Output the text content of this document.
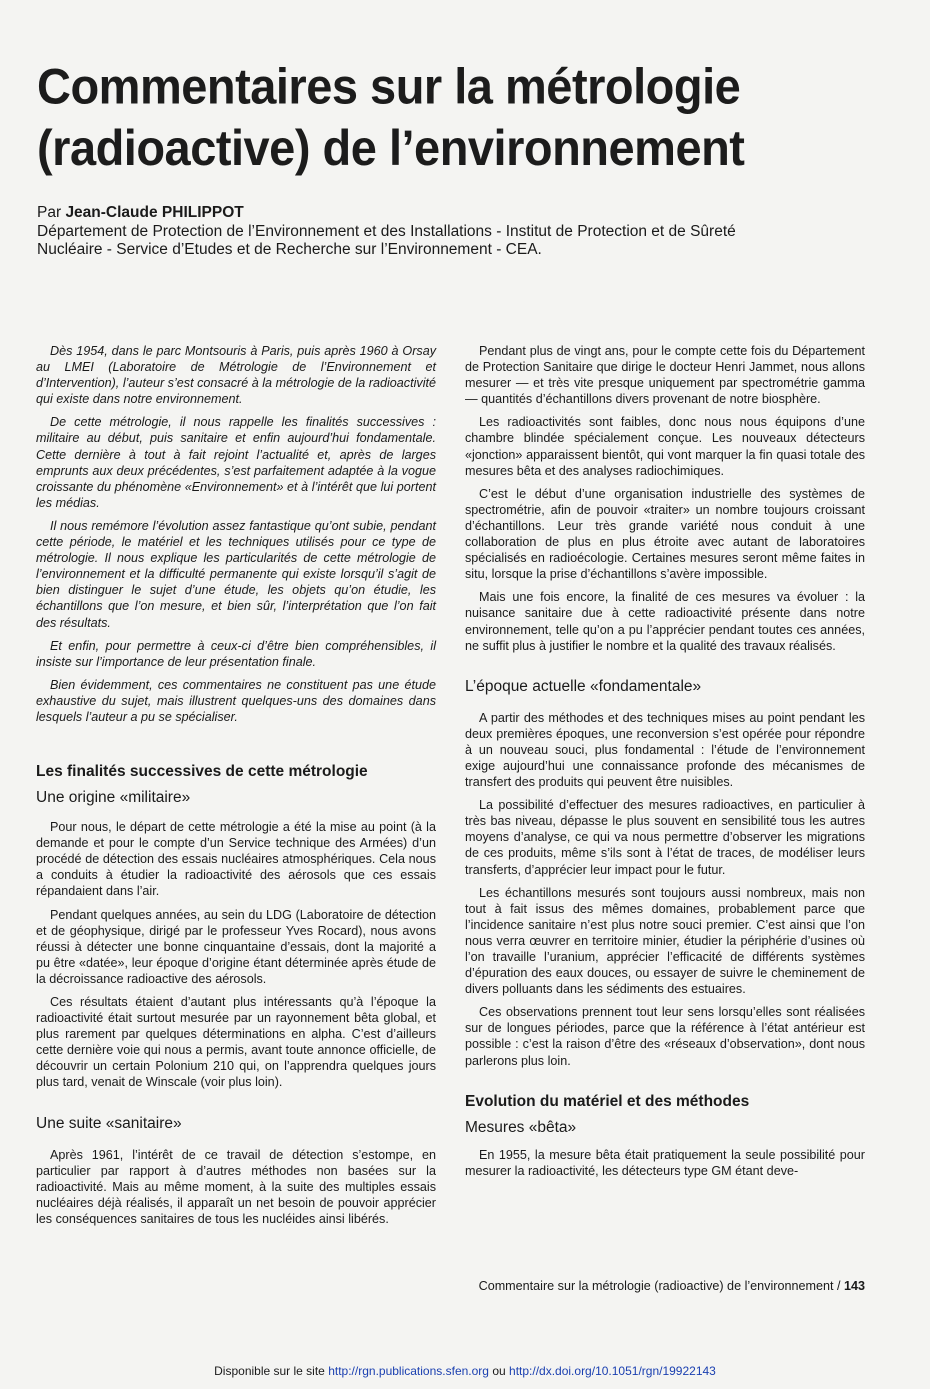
Commentaires sur la métrologie (radioactive) de l’environnement
Par Jean-Claude PHILIPPOT
Département de Protection de l’Environnement et des Installations - Institut de Protection et de Sûreté Nucléaire - Service d’Etudes et de Recherche sur l’Environnement - CEA.

Dès 1954, dans le parc Montsouris à Paris, puis après 1960 à Orsay au LMEI (Laboratoire de Métrologie de l’Environnement et d’Intervention), l’auteur s’est consacré à la métrologie de la radioactivité qui existe dans notre environnement.

De cette métrologie, il nous rappelle les finalités successives : militaire au début, puis sanitaire et enfin aujourd’hui fondamentale. Cette dernière à tout à fait rejoint l’actualité et, après de larges emprunts aux deux précédentes, s’est parfaitement adaptée à la vogue croissante du phénomène «Environnement» et à l’intérêt que lui portent les médias.

Il nous remémore l’évolution assez fantastique qu’ont subie, pendant cette période, le matériel et les techniques utilisés pour ce type de métrologie. Il nous explique les particularités de cette métrologie de l’environnement et la difficulté permanente qui existe lorsqu’il s’agit de bien distinguer le sujet d’une étude, les objets qu’on étudie, les échantillons que l’on mesure, et bien sûr, l’interprétation que l’on fait des résultats.

Et enfin, pour permettre à ceux-ci d’être bien compréhensibles, il insiste sur l’importance de leur présentation finale.

Bien évidemment, ces commentaires ne constituent pas une étude exhaustive du sujet, mais illustrent quelques-uns des domaines dans lesquels l’auteur a pu se spécialiser.

Les finalités successives de cette métrologie
Une origine «militaire»

Pour nous, le départ de cette métrologie a été la mise au point (à la demande et pour le compte d’un Service technique des Armées) d’un procédé de détection des essais nucléaires atmosphériques. Cela nous a conduits à étudier la radioactivité des aérosols que ces essais répandaient dans l’air.

Pendant quelques années, au sein du LDG (Laboratoire de détection et de géophysique, dirigé par le professeur Yves Rocard), nous avons réussi à détecter une bonne cinquantaine d’essais, dont la majorité a pu être «datée», leur époque d’origine étant déterminée après étude de la décroissance radioactive des aérosols.

Ces résultats étaient d’autant plus intéressants qu’à l’époque la radioactivité était surtout mesurée par un rayonnement bêta global, et plus rarement par quelques déterminations en alpha. C’est d’ailleurs cette dernière voie qui nous a permis, avant toute annonce officielle, de découvrir un certain Polonium 210 qui, on l’apprendra quelques jours plus tard, venait de Winscale (voir plus loin).

Une suite «sanitaire»

Après 1961, l’intérêt de ce travail de détection s’estompe, en particulier par rapport à d’autres méthodes non basées sur la radioactivité. Mais au même moment, à la suite des multiples essais nucléaires déjà réalisés, il apparaît un net besoin de pouvoir apprécier les conséquences sanitaires de tous les nucléides ainsi libérés.

Pendant plus de vingt ans, pour le compte cette fois du Département de Protection Sanitaire que dirige le docteur Henri Jammet, nous allons mesurer — et très vite presque uniquement par spectrométrie gamma — quantités d’échantillons divers provenant de notre biosphère.

Les radioactivités sont faibles, donc nous nous équipons d’une chambre blindée spécialement conçue. Les nouveaux détecteurs «jonction» apparaissent bientôt, qui vont marquer la fin quasi totale des mesures bêta et des analyses radiochimiques.

C’est le début d’une organisation industrielle des systèmes de spectrométrie, afin de pouvoir «traiter» un nombre toujours croissant d’échantillons. Leur très grande variété nous conduit à une collaboration de plus en plus étroite avec autant de laboratoires spécialisés en radioécologie. Certaines mesures seront même faites in situ, lorsque la prise d’échantillons s’avère impossible.

Mais une fois encore, la finalité de ces mesures va évoluer : la nuisance sanitaire due à cette radioactivité présente dans notre environnement, telle qu’on a pu l’apprécier pendant toutes ces années, ne suffit plus à justifier le nombre et la qualité des travaux réalisés.

L’époque actuelle «fondamentale»

A partir des méthodes et des techniques mises au point pendant les deux premières époques, une reconversion s’est opérée pour répondre à un nouveau souci, plus fondamental : l’étude de l’environnement exige aujourd’hui une connaissance profonde des mécanismes de transfert des produits qui peuvent être nuisibles.

La possibilité d’effectuer des mesures radioactives, en particulier à très bas niveau, dépasse le plus souvent en sensibilité tous les autres moyens d’analyse, ce qui va nous permettre d’observer les migrations de ces produits, même s’ils sont à l’état de traces, de modéliser leurs transferts, d’apprécier leur impact pour le futur.

Les échantillons mesurés sont toujours aussi nombreux, mais non tout à fait issus des mêmes domaines, probablement parce que l’incidence sanitaire n’est plus notre souci premier. C’est ainsi que l’on nous verra œuvrer en territoire minier, étudier la périphérie d’usines où l’on travaille l’uranium, apprécier l’efficacité de différents systèmes d’épuration des eaux douces, ou essayer de suivre le cheminement de divers polluants dans les sédiments des estuaires.

Ces observations prennent tout leur sens lorsqu’elles sont réalisées sur de longues périodes, parce que la référence à l’état antérieur est possible : c’est la raison d’être des «réseaux d’observation», dont nous parlerons plus loin.

Evolution du matériel et des méthodes
Mesures «bêta»

En 1955, la mesure bêta était pratiquement la seule possibilité pour mesurer la radioactivité, les détecteurs type GM étant deve-

Commentaire sur la métrologie (radioactive) de l’environnement / 143
Disponible sur le site http://rgn.publications.sfen.org ou http://dx.doi.org/10.1051/rgn/19922143
